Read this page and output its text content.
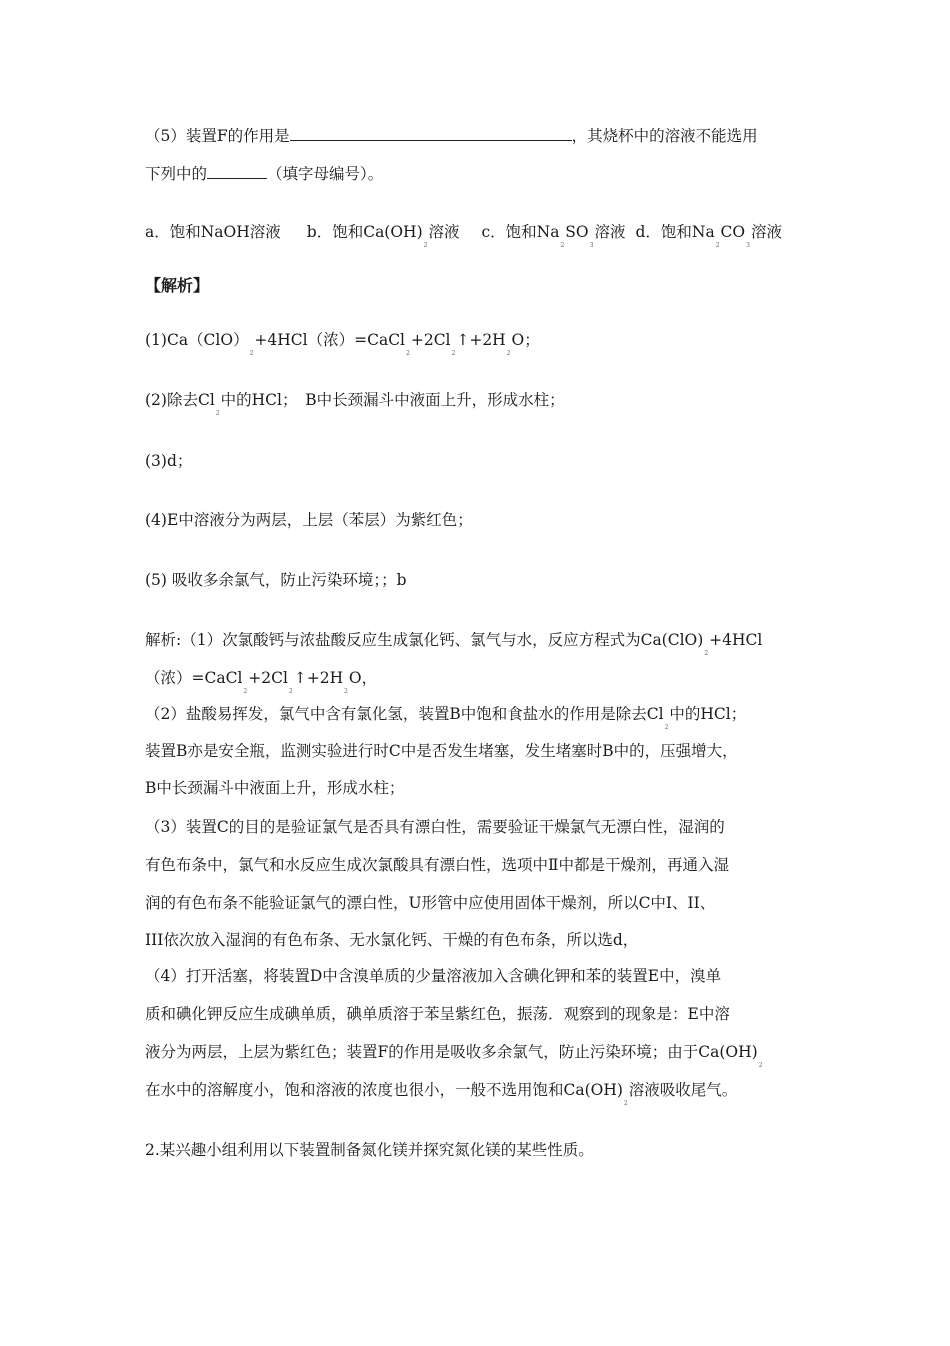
（5）装置F的作用是	，其烧杯中的溶液不能选用
下列中的	（填字母编号）。
a．饱和NaOH溶液 b．饱和$Ca(OH)_2$溶液 c．饱和$Na_2SO_3$溶液 d．饱和$Na_2CO_3$溶液
【解析】
$(1)Ca(ClO)_2+4HCl$（浓）$=CaCl_2+2Cl_2↑+2H_2O$；
(2)除去$Cl_2$中的HCl；　B中长颈漏斗中液面上升，形成水柱；
(3)d；
(4)E中溶液分为两层，上层（苯层）为紫红色；
(5) 吸收多余氯气，防止污染环境；；b
解析:（1）次氯酸钙与浓盐酸反应生成氯化钙、氯气与水，反应方程式为$Ca(ClO)_2+4HCl$
（浓）$=CaCl_2+2Cl_2↑+2H_2O$，
（2）盐酸易挥发，氯气中含有氯化氢，装置B中饱和食盐水的作用是除去$Cl_2$中的HCl；
装置B亦是安全瓶，监测实验进行时C中是否发生堵塞，发生堵塞时B中的，压强增大，
B中长颈漏斗中液面上升，形成水柱；
（3）装置C的目的是验证氯气是否具有漂白性，需要验证干燥氯气无漂白性，湿润的
有色布条中，氯气和水反应生成次氯酸具有漂白性，选项中Ⅱ中都是干燥剂，再通入湿
润的有色布条不能验证氯气的漂白性，U形管中应使用固体干燥剂，所以C中I、II、
III依次放入湿润的有色布条、无水氯化钙、干燥的有色布条，所以选d，
（4）打开活塞，将装置D中含溴单质的少量溶液加入含碘化钾和苯的装置E中，溴单
质和碘化钾反应生成碘单质，碘单质溶于苯呈紫红色，振荡．观察到的现象是：E中溶
液分为两层，上层为紫红色；装置F的作用是吸收多余氯气，防止污染环境；由于$Ca(OH)_2$
在水中的溶解度小，饱和溶液的浓度也很小，一般不选用饱和$Ca(OH)_2$溶液吸收尾气。
2.某兴趣小组利用以下装置制备氮化镁并探究氮化镁的某些性质。
